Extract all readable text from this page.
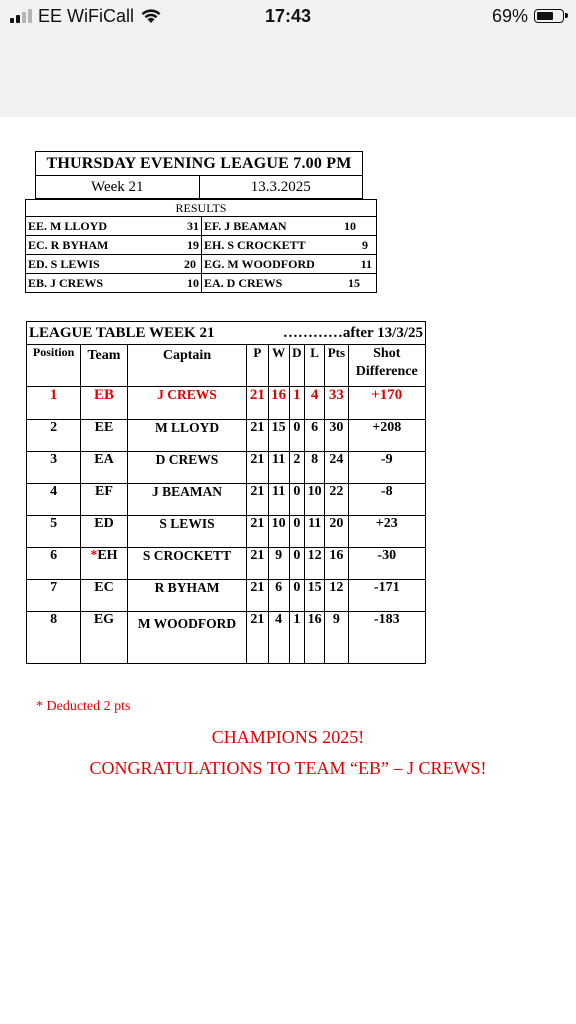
EE WiFiCall	17:43	69%
THURSDAY EVENING LEAGUE 7.00 PM
Week 21	13.3.2025
RESULTS
EE. M LLOYD	31 EF. J BEAMAN	10
EC. R BYHAM	19 EH. S CROCKETT	9
ED. S LEWIS	20 EG. M WOODFORD	11
EB. J CREWS	10 EA. D CREWS	15
LEAGUE TABLE WEEK 21	…………after 13/3/25
Position	Team	Captain	P	W	D	L	Pts	Shot
Difference

1	EB	J CREWS	21	16	1	4	33	+170
2	EE	M LLOYD	21	15	0	6	30	+208
3	EA	D CREWS	21	11	2	8	24	-9
4	EF	J BEAMAN	21	11	0	10	22	-8
5	ED	S LEWIS	21	10	0	11	20	+23
6	*EH	S CROCKETT	21	9	0	12	16	-30
7	EC	R BYHAM	21	6	0	15	12	-171
8	EG	M WOODFORD	21	4	1	16	9	-183
* Deducted 2 pts
CHAMPIONS 2025!
CONGRATULATIONS TO TEAM “EB” – J CREWS!
